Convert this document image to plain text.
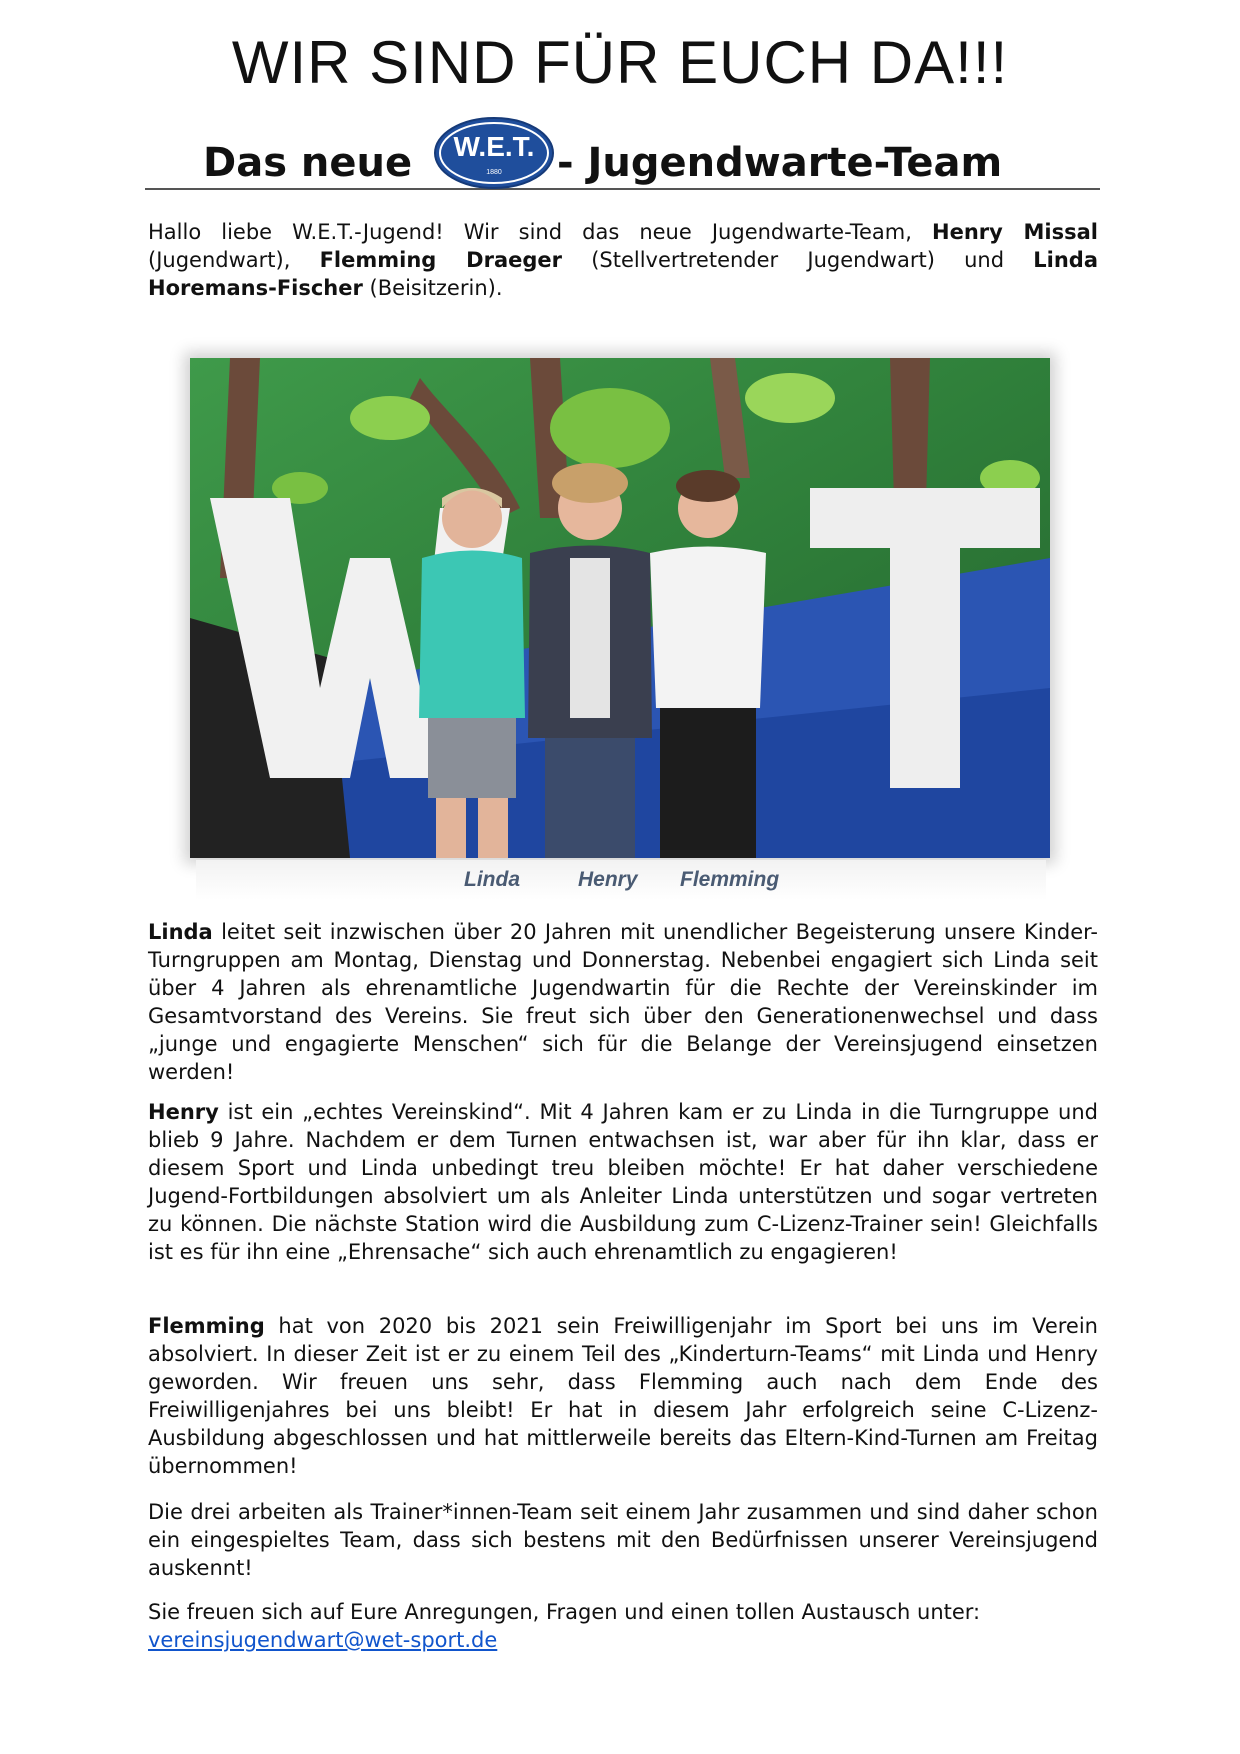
WIR SIND FÜR EUCH DA!!!
Das neue W.E.T.
1880 - Jugendwarte-Team

Hallo liebe W.E.T.-Jugend! Wir sind das neue Jugendwarte-Team, Henry Missal (Jugendwart), Flemming Draeger (Stellvertretender Jugendwart) und Linda Horemans-Fischer (Beisitzerin).

Linda	Henry Flemming

Linda leitet seit inzwischen über 20 Jahren mit unendlicher Begeisterung unsere Kinder-Turngruppen am Montag, Dienstag und Donnerstag. Nebenbei engagiert sich Linda seit über 4 Jahren als ehrenamtliche Jugendwartin für die Rechte der Vereinskinder im Gesamtvorstand des Vereins. Sie freut sich über den Generationenwechsel und dass „junge und engagierte Menschen“ sich für die Belange der Vereinsjugend einsetzen werden!

Henry ist ein „echtes Vereinskind“. Mit 4 Jahren kam er zu Linda in die Turngruppe und blieb 9 Jahre. Nachdem er dem Turnen entwachsen ist, war aber für ihn klar, dass er diesem Sport und Linda unbedingt treu bleiben möchte! Er hat daher verschiedene Jugend-Fortbildungen absolviert um als Anleiter Linda unterstützen und sogar vertreten zu können. Die nächste Station wird die Ausbildung zum C-Lizenz-Trainer sein! Gleichfalls ist es für ihn eine „Ehrensache“ sich auch ehrenamtlich zu engagieren!

Flemming hat von 2020 bis 2021 sein Freiwilligenjahr im Sport bei uns im Verein absolviert. In dieser Zeit ist er zu einem Teil des „Kinderturn-Teams“ mit Linda und Henry geworden. Wir freuen uns sehr, dass Flemming auch nach dem Ende des Freiwilligenjahres bei uns bleibt! Er hat in diesem Jahr erfolgreich seine C-Lizenz-Ausbildung abgeschlossen und hat mittlerweile bereits das Eltern-Kind-Turnen am Freitag übernommen!

Die drei arbeiten als Trainer*innen-Team seit einem Jahr zusammen und sind daher schon ein eingespieltes Team, dass sich bestens mit den Bedürfnissen unserer Vereinsjugend auskennt!

Sie freuen sich auf Eure Anregungen, Fragen und einen tollen Austausch unter:
vereinsjugendwart@wet-sport.de
